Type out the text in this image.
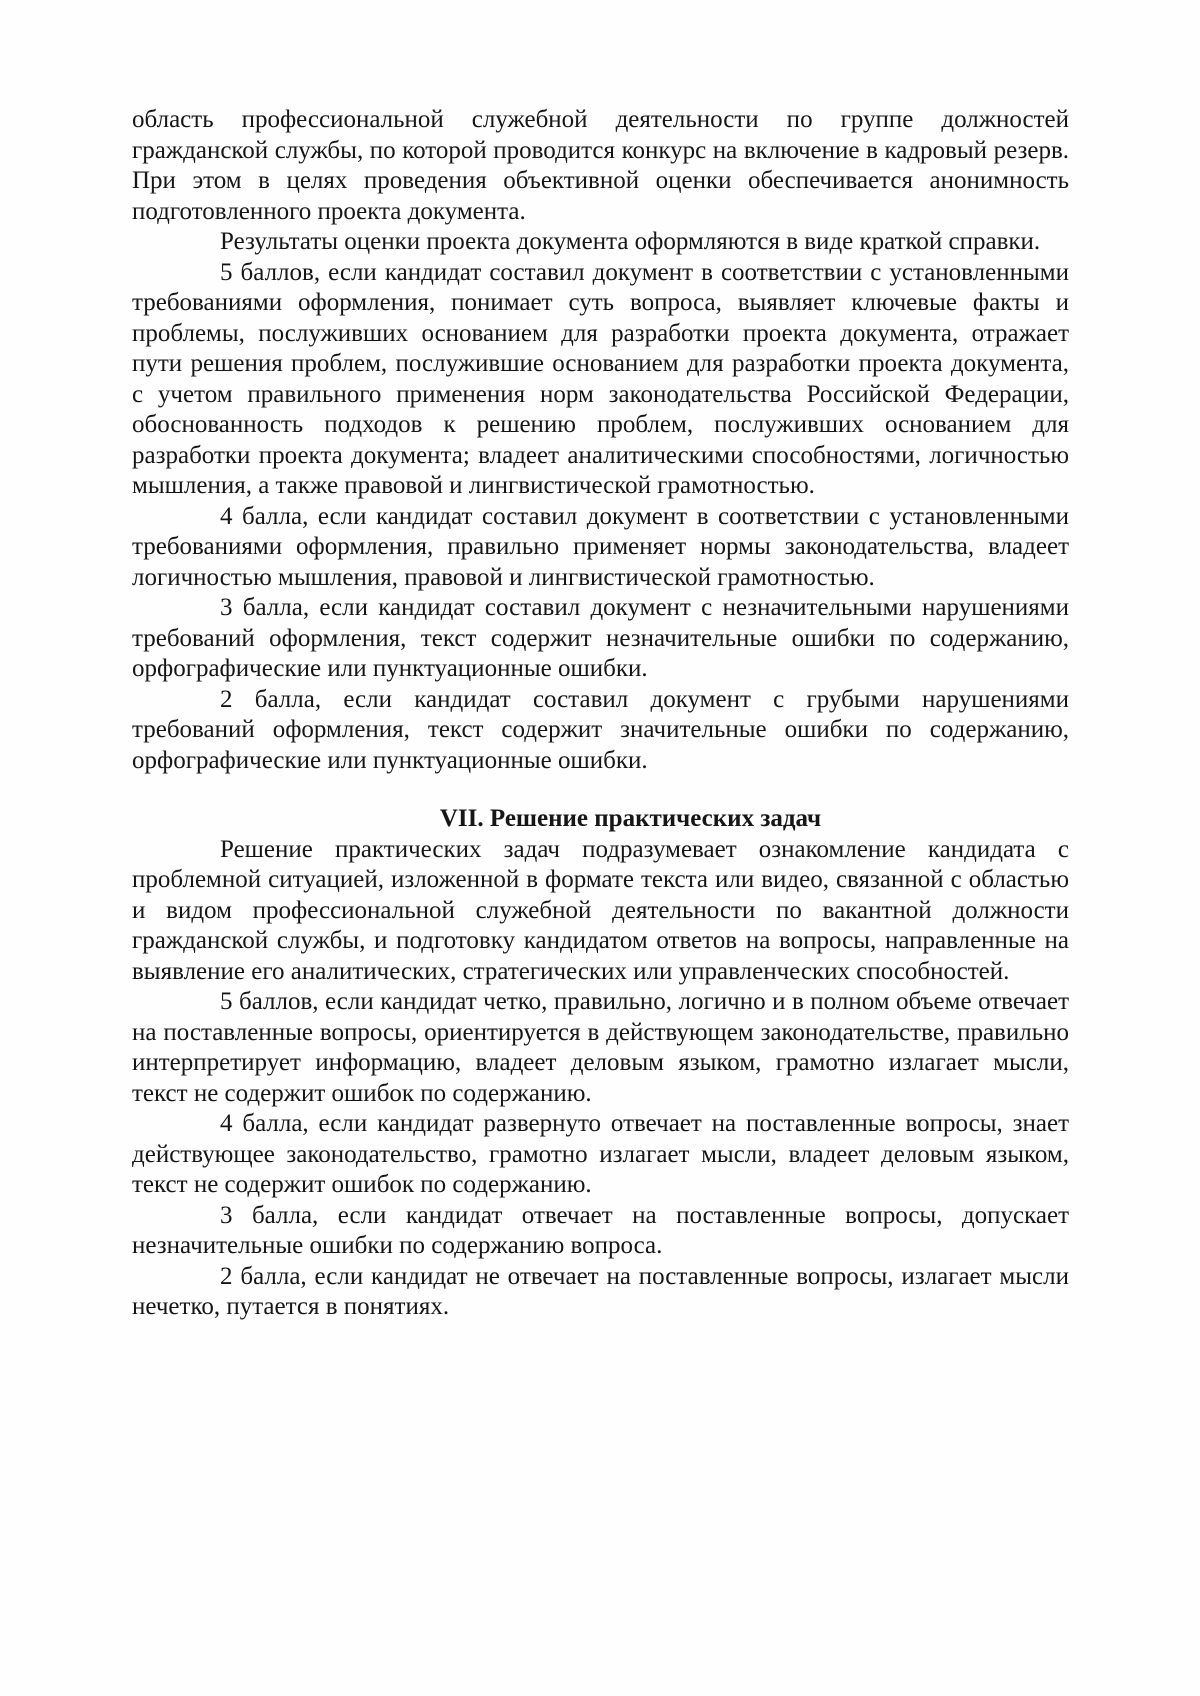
область профессиональной служебной деятельности по группе должностей гражданской службы, по которой проводится конкурс на включение в кадровый резерв. При этом в целях проведения объективной оценки обеспечивается анонимность подготовленного проекта документа.

Результаты оценки проекта документа оформляются в виде краткой справки.

5 баллов, если кандидат составил документ в соответствии с установленными требованиями оформления, понимает суть вопроса, выявляет ключевые факты и проблемы, послуживших основанием для разработки проекта документа, отражает пути решения проблем, послужившие основанием для разработки проекта документа, с учетом правильного применения норм законодательства Российской Федерации, обоснованность подходов к решению проблем, послуживших основанием для разработки проекта документа; владеет аналитическими способностями, логичностью мышления, а также правовой и лингвистической грамотностью.

4 балла, если кандидат составил документ в соответствии с установленными требованиями оформления, правильно применяет нормы законодательства, владеет логичностью мышления, правовой и лингвистической грамотностью.

3 балла, если кандидат составил документ с незначительными нарушениями требований оформления, текст содержит незначительные ошибки по содержанию, орфографические или пунктуационные ошибки.

2 балла, если кандидат составил документ с грубыми нарушениями требований оформления, текст содержит значительные ошибки по содержанию, орфографические или пунктуационные ошибки.

VII. Решение практических задач

Решение практических задач подразумевает ознакомление кандидата с проблемной ситуацией, изложенной в формате текста или видео, связанной с областью и видом профессиональной служебной деятельности по вакантной должности гражданской службы, и подготовку кандидатом ответов на вопросы, направленные на выявление его аналитических, стратегических или управленческих способностей.

5 баллов, если кандидат четко, правильно, логично и в полном объеме отвечает на поставленные вопросы, ориентируется в действующем законодательстве, правильно интерпретирует информацию, владеет деловым языком, грамотно излагает мысли, текст не содержит ошибок по содержанию.

4 балла, если кандидат развернуто отвечает на поставленные вопросы, знает действующее законодательство, грамотно излагает мысли, владеет деловым языком, текст не содержит ошибок по содержанию.

3 балла, если кандидат отвечает на поставленные вопросы, допускает незначительные ошибки по содержанию вопроса.

2 балла, если кандидат не отвечает на поставленные вопросы, излагает мысли нечетко, путается в понятиях.
